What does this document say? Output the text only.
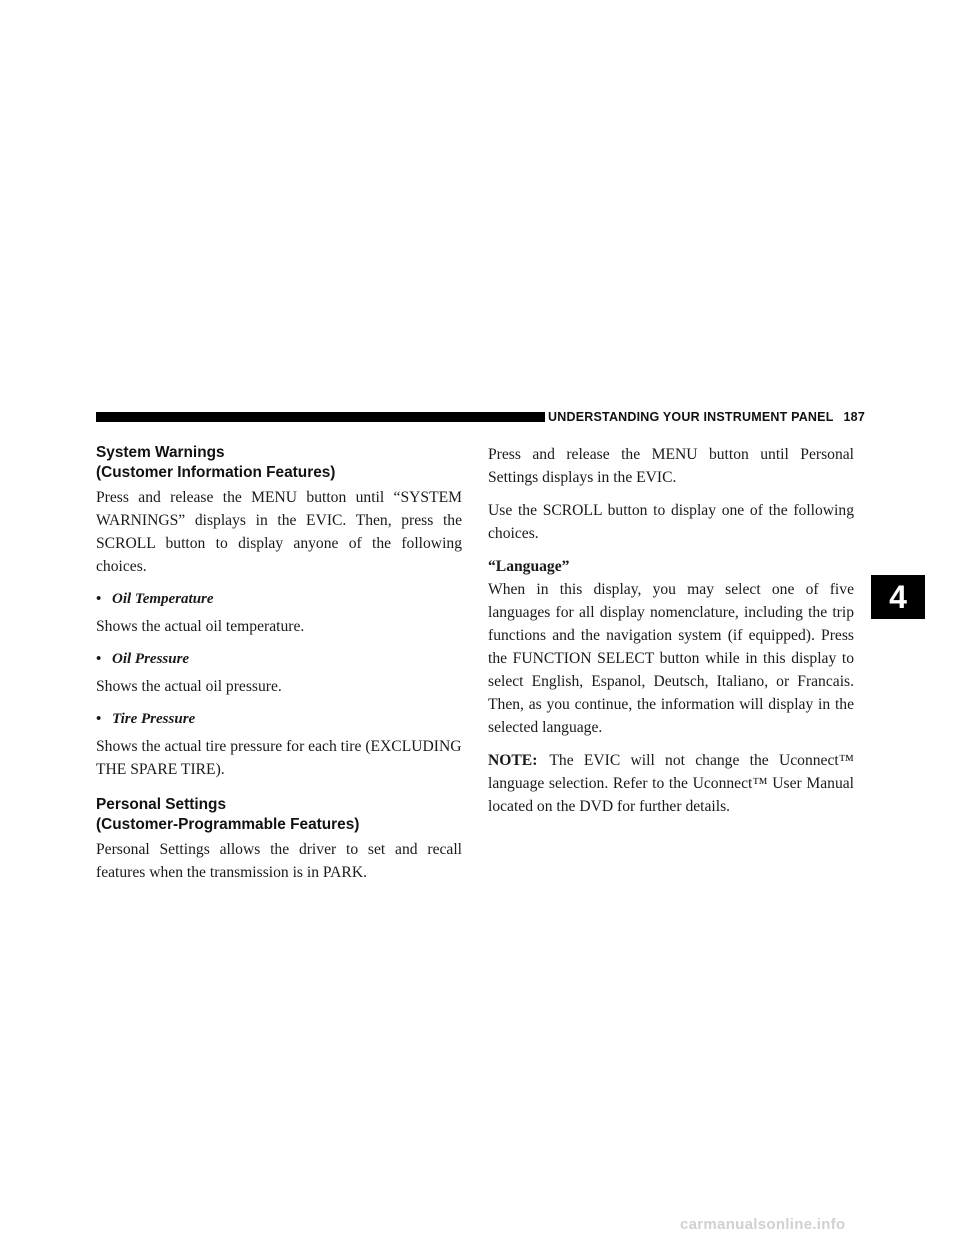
UNDERSTANDING YOUR INSTRUMENT PANEL 187
System Warnings
(Customer Information Features)

Press and release the MENU button until “SYSTEM WARNINGS” displays in the EVIC. Then, press the SCROLL button to display anyone of the following choices.

• Oil Temperature

Shows the actual oil temperature.

• Oil Pressure

Shows the actual oil pressure.

• Tire Pressure

Shows the actual tire pressure for each tire (EXCLUDING THE SPARE TIRE).

Personal Settings
(Customer-Programmable Features)

Personal Settings allows the driver to set and recall features when the transmission is in PARK.

Press and release the MENU button until Personal Settings displays in the EVIC.

Use the SCROLL button to display one of the following choices.

“Language”

When in this display, you may select one of five languages for all display nomenclature, including the trip functions and the navigation system (if equipped). Press the FUNCTION SELECT button while in this display to select English, Espanol, Deutsch, Italiano, or Francais. Then, as you continue, the information will display in the selected language.

NOTE: The EVIC will not change the Uconnect™ language selection. Refer to the Uconnect™ User Manual located on the DVD for further details.

4
carmanualsonline.info
